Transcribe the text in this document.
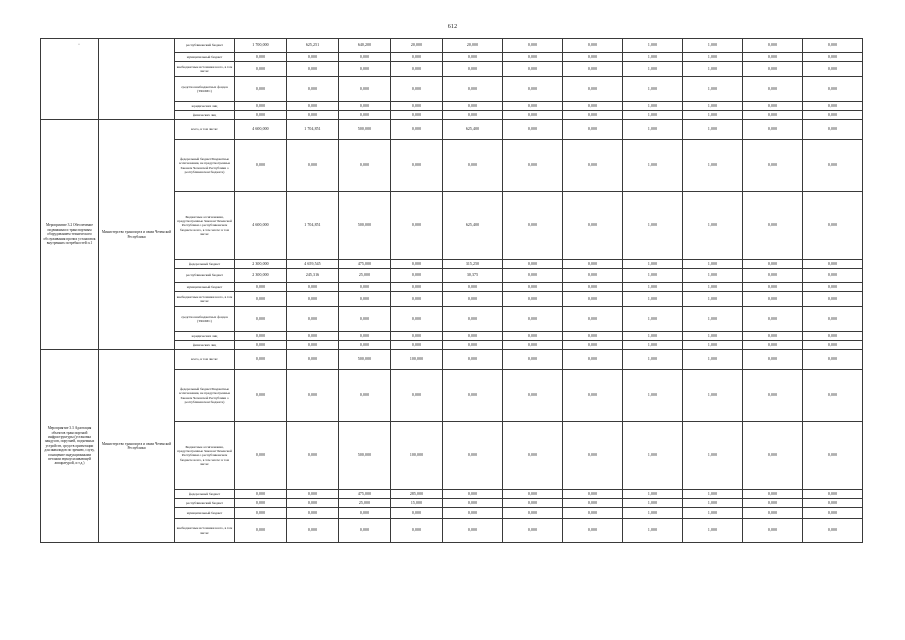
612
·
			республиканский бюджет	1 700,000	625,251	640,200	20,000	20,000	0,000	0,000	1,000	1,000	0,000	0,000
		муниципальный бюджет	0,000	0,000	0,000	0,000	0,000	0,000	0,000	1,000	1,000	0,000	0,000
		внебюджетные источники всего, в том числе:	0,000	0,000	0,000	0,000	0,000	0,000	0,000	1,000	1,000	0,000	0,000
		средства внебюджетных фондов (ТФОМС)	0,000	0,000	0,000	0,000	0,000	0,000	0,000	1,000	1,000	0,000	0,000
		юридических лиц	0,000	0,000	0,000	0,000	0,000	0,000	0,000	1,000	1,000	0,000	0,000
		физических лиц	0,000	0,000	0,000	0,000	0,000	0,000	0,000	1,000	1,000	0,000	0,000
Мероприятие 3.2 Обеспечение подвижным и транспортным оборудованием технического обслуживания прочих устаноовок внутренних потребностей п.1	Министерство транспорта и связи Чеченской Республики	всего, в том числе:	4 600,000	1 704,851	500,000	0,000	625,400	0,000	0,000	1,000	1,000	0,000	0,000
		федеральный бюджет/Бюджетные ассигнования, не предусмотренные Законом Чеченской Республики о республиканском бюджете)	0,000	0,000	0,000	0,000	0,000	0,000	0,000	1,000	1,000	0,000	0,000
		Бюджетные ассигнования, предусмотренные Законом Чеченской Республики о республиканском бюджете всего, в том числе: в том числе:	4 600,000	1 704,851	500,000	0,000	625,400	0,000	0,000	1,000	1,000	0,000	0,000
		федеральный бюджет	2 300,000	4 659,545	475,000	0,000	315,250	0,000	0,000	1,000	1,000	0,000	0,000
		республиканский бюджет	2 300,000	245,316	25,000	0,000	30,375	0,000	0,000	1,000	1,000	0,000	0,000
		муниципальный бюджет	0,000	0,000	0,000	0,000	0,000	0,000	0,000	1,000	1,000	0,000	0,000
		внебюджетные источники всего, в том числе:	0,000	0,000	0,000	0,000	0,000	0,000	0,000	1,000	1,000	0,000	0,000
		средства внебюджетных фондов (ТФОМС)	0,000	0,000	0,000	0,000	0,000	0,000	0,000	1,000	1,000	0,000	0,000
		юридических лиц	0,000	0,000	0,000	0,000	0,000	0,000	0,000	1,000	1,000	0,000	0,000
		физических лиц	0,000	0,000	0,000	0,000	0,000	0,000	0,000	1,000	1,000	0,000	0,000
Мероприятие 3.3 Адаптация объектов транспортной инфраструктуры (установка пандусов, поручней, подъемных устройств, средств ориентации для инвалидов по зрению, слуху, оснащение индукционными петлями звукоусиливающей аппаратурой, и т.д.)	Министерство транспорта и связи Чеченской Республики	всего, в том числе:	0,000	0,000	500,000	100,000	0,000	0,000	0,000	1,000	1,000	0,000	0,000
		федеральный бюджет/Бюджетные ассигнования, не предусмотренные Законом Чеченской Республики о республиканском бюджете)	0,000	0,000	0,000	0,000	0,000	0,000	0,000	1,000	1,000	0,000	0,000
		Бюджетные ассигнования, предусмотренные Законом Чеченской Республики о республиканском бюджете всего, в том числе: в том числе:	0,000	0,000	500,000	100,000	0,000	0,000	0,000	1,000	1,000	0,000	0,000
		федеральный бюджет	0,000	0,000	475,000	285,000	0,000	0,000	0,000	1,000	1,000	0,000	0,000
		республиканский бюджет	0,000	0,000	25,000	15,000	0,000	0,000	0,000	1,000	1,000	0,000	0,000
		муниципальный бюджет	0,000	0,000	0,000	0,000	0,000	0,000	0,000	1,000	1,000	0,000	0,000
		внебюджетные источники всего, в том числе:	0,000	0,000	0,000	0,000	0,000	0,000	0,000	1,000	1,000	0,000	0,000
